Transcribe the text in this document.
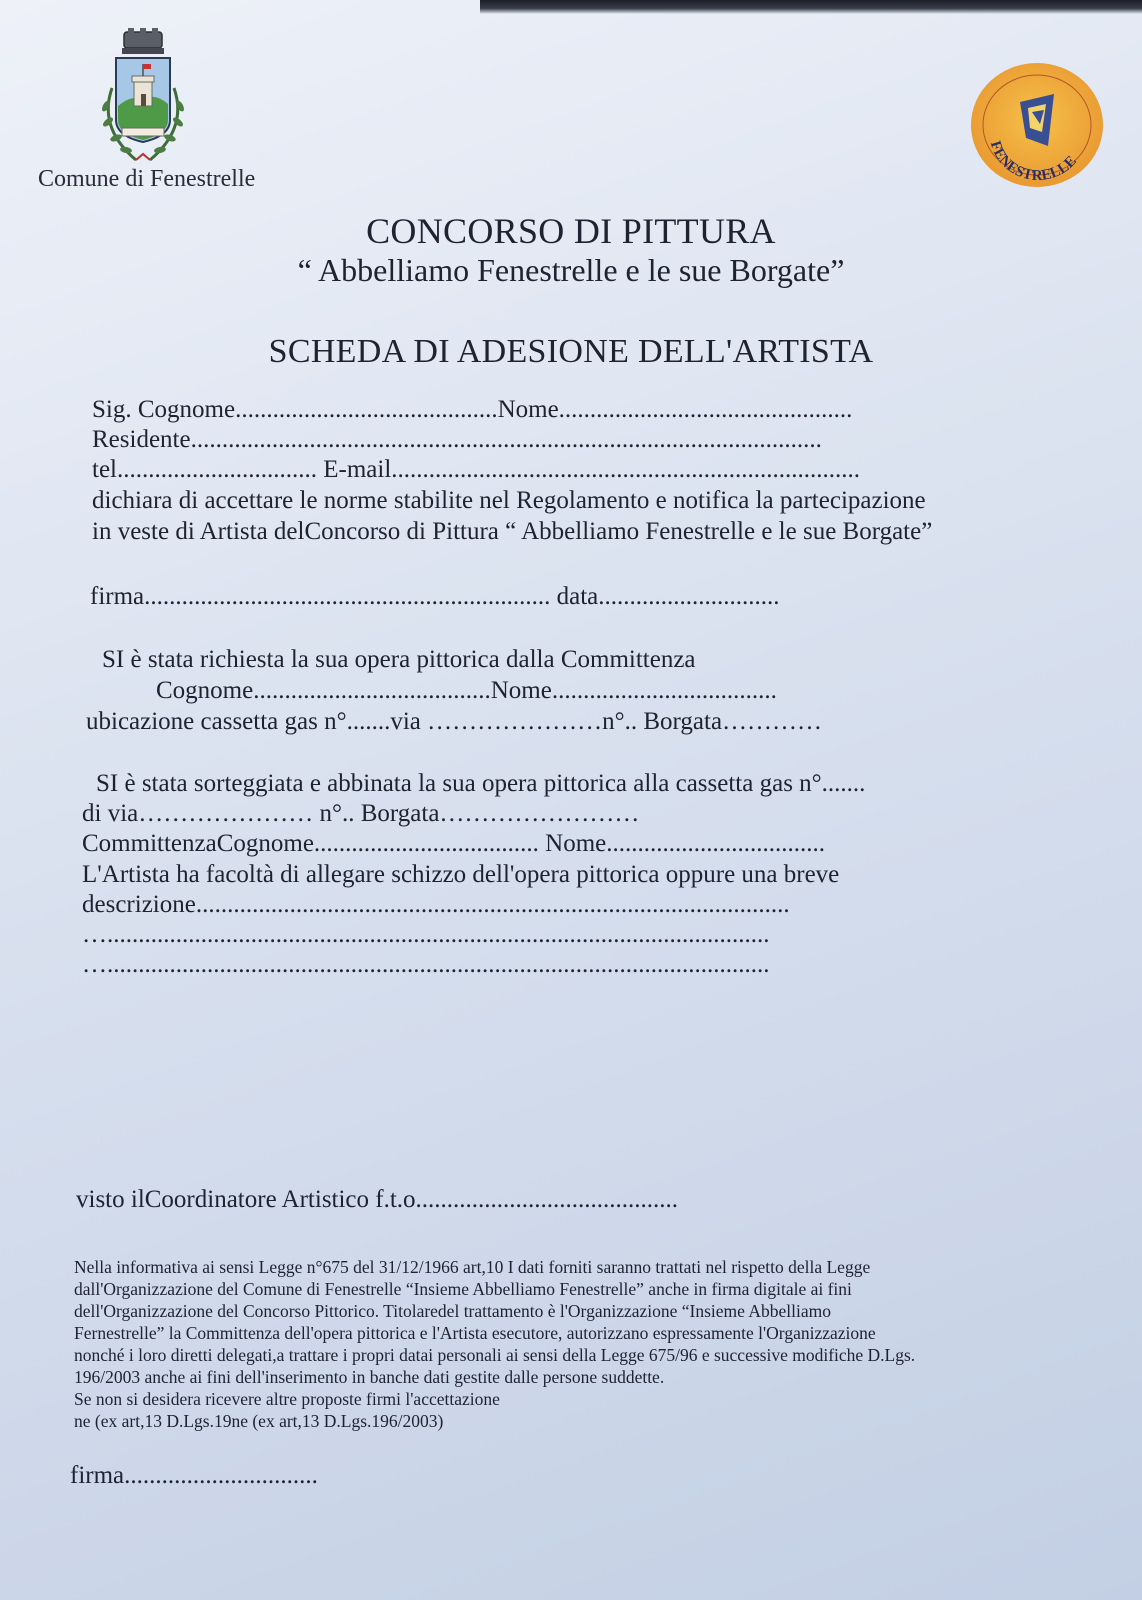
Comune di Fenestrelle
FENESTRELLE
CONCORSO DI PITTURA
“ Abbelliamo Fenestrelle e le sue Borgate”
SCHEDA DI ADESIONE DELL'ARTISTA
Sig. Cognome..........................................Nome...............................................
Residente.....................................................................................................
tel................................ E-mail...........................................................................
dichiara di accettare le norme stabilite nel Regolamento e notifica la partecipazione
in veste di Artista delConcorso di Pittura “ Abbelliamo Fenestrelle e le sue Borgate”
firma................................................................. data.............................
SI è stata richiesta la sua opera pittorica dalla Committenza
Cognome......................................Nome....................................
ubicazione cassetta gas n°.......via …………………n°.. Borgata…………
SI è stata sorteggiata e abbinata la sua opera pittorica alla cassetta gas n°.......
di via………………… n°.. Borgata……………………
CommittenzaCognome.................................... Nome...................................
L'Artista ha facoltà di allegare schizzo dell'opera pittorica oppure una breve
descrizione...............................................................................................
…..........................................................................................................
…..........................................................................................................
visto ilCoordinatore Artistico f.t.o..........................................
Nella informativa ai sensi Legge n°675 del 31/12/1966 art,10 I dati forniti saranno trattati nel rispetto della Legge
dall'Organizzazione del Comune di Fenestrelle “Insieme Abbelliamo Fenestrelle” anche in firma digitale ai fini
dell'Organizzazione del Concorso Pittorico. Titolaredel trattamento è l'Organizzazione “Insieme Abbelliamo
Fernestrelle” la Committenza dell'opera pittorica e l'Artista esecutore, autorizzano espressamente l'Organizzazione
nonché i loro diretti delegati,a trattare i propri datai personali ai sensi della Legge 675/96 e successive modifiche D.Lgs.
196/2003 anche ai fini dell'inserimento in banche dati gestite dalle persone suddette.
Se non si desidera ricevere altre proposte firmi l'accettazione
ne (ex art,13 D.Lgs.19ne (ex art,13 D.Lgs.196/2003)
firma...............................
